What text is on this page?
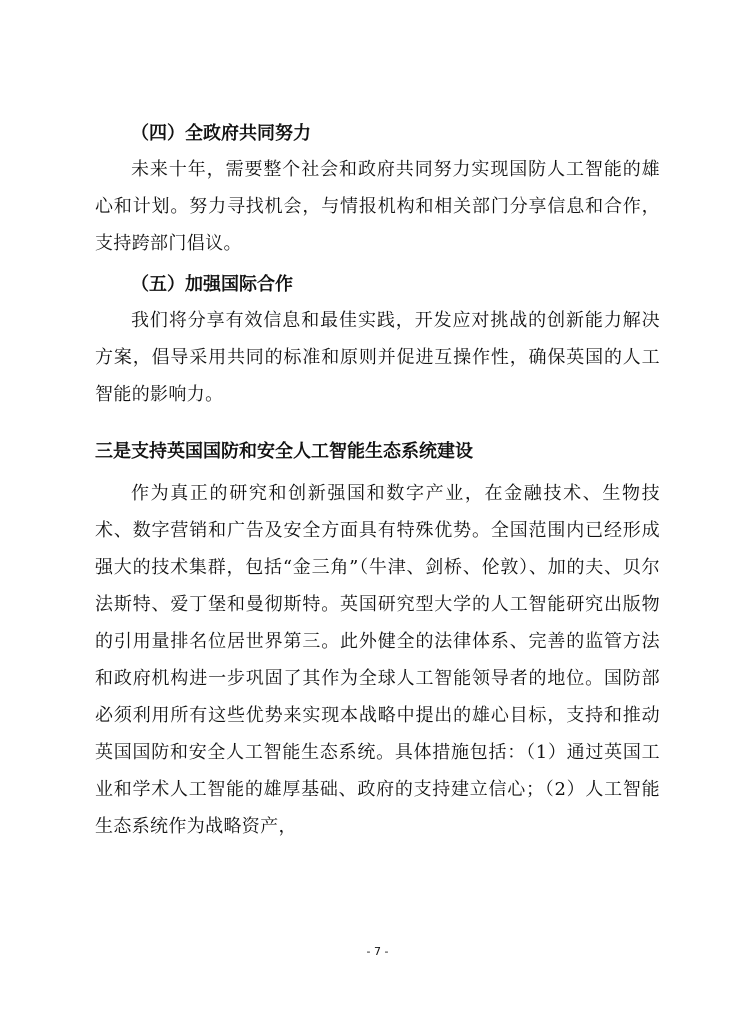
（四）全政府共同努力

未来十年，需要整个社会和政府共同努力实现国防人工智能的雄心和计划。努力寻找机会，与情报机构和相关部门分享信息和合作，支持跨部门倡议。

（五）加强国际合作

我们将分享有效信息和最佳实践，开发应对挑战的创新能力解决方案，倡导采用共同的标准和原则并促进互操作性，确保英国的人工智能的影响力。

三是支持英国国防和安全人工智能生态系统建设

作为真正的研究和创新强国和数字产业，在金融技术、生物技术、数字营销和广告及安全方面具有特殊优势。全国范围内已经形成强大的技术集群，包括“金三角”（牛津、剑桥、伦敦）、加的夫、贝尔法斯特、爱丁堡和曼彻斯特。英国研究型大学的人工智能研究出版物的引用量排名位居世界第三。此外健全的法律体系、完善的监管方法和政府机构进一步巩固了其作为全球人工智能领导者的地位。国防部必须利用所有这些优势来实现本战略中提出的雄心目标，支持和推动英国国防和安全人工智能生态系统。具体措施包括：（1）通过英国工业和学术人工智能的雄厚基础、政府的支持建立信心；（2）人工智能生态系统作为战略资产，

- 7 -
